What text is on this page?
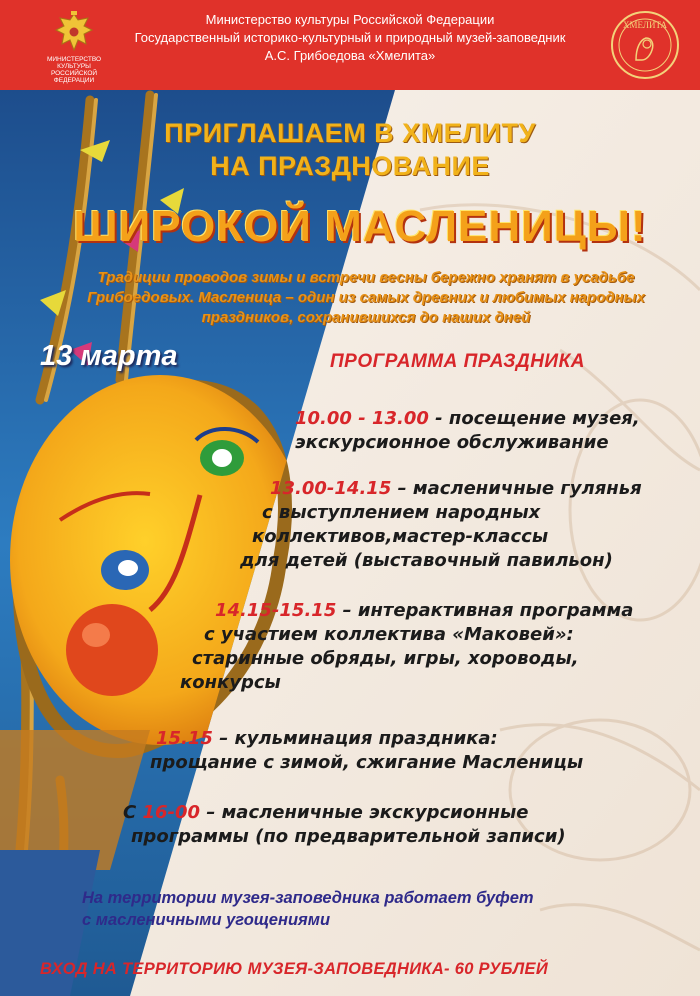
МИНИСТЕРСТВО КУЛЬТУРЫ
РОССИЙСКОЙ ФЕДЕРАЦИИ
Министерство культуры Российской Федерации
Государственный историко-культурный и природный музей-заповедник
А.С. Грибоедова «Хмелита»
ХМЕЛИТА
ПРИГЛАШАЕМ В ХМЕЛИТУ
НА ПРАЗДНОВАНИЕ
ШИРОКОЙ МАСЛЕНИЦЫ!
Традиции проводов зимы и встречи весны бережно хранят в усадьбе
Грибоедовых. Масленица – один из самых древних и любимых народных
праздников, сохранившихся до наших дней
13 марта	ПРОГРАММА ПРАЗДНИКА
10.00 - 13.00 - посещение музея,
экскурсионное обслуживание
13.00-14.15 – масленичные гулянья
с выступлением народных
коллективов,мастер-классы
для детей (выставочный павильон)
14.15-15.15 – интерактивная программа
с участием коллектива «Маковей»:
старинные обряды, игры, хороводы,
конкурсы
15.15 – кульминация праздника:
прощание с зимой, сжигание Масленицы
С 16-00 – масленичные экскурсионные
программы (по предварительной записи)
На территории музея-заповедника работает буфет
с масленичными угощениями
ВХОД НА ТЕРРИТОРИЮ МУЗЕЯ-ЗАПОВЕДНИКА- 60 РУБЛЕЙ
